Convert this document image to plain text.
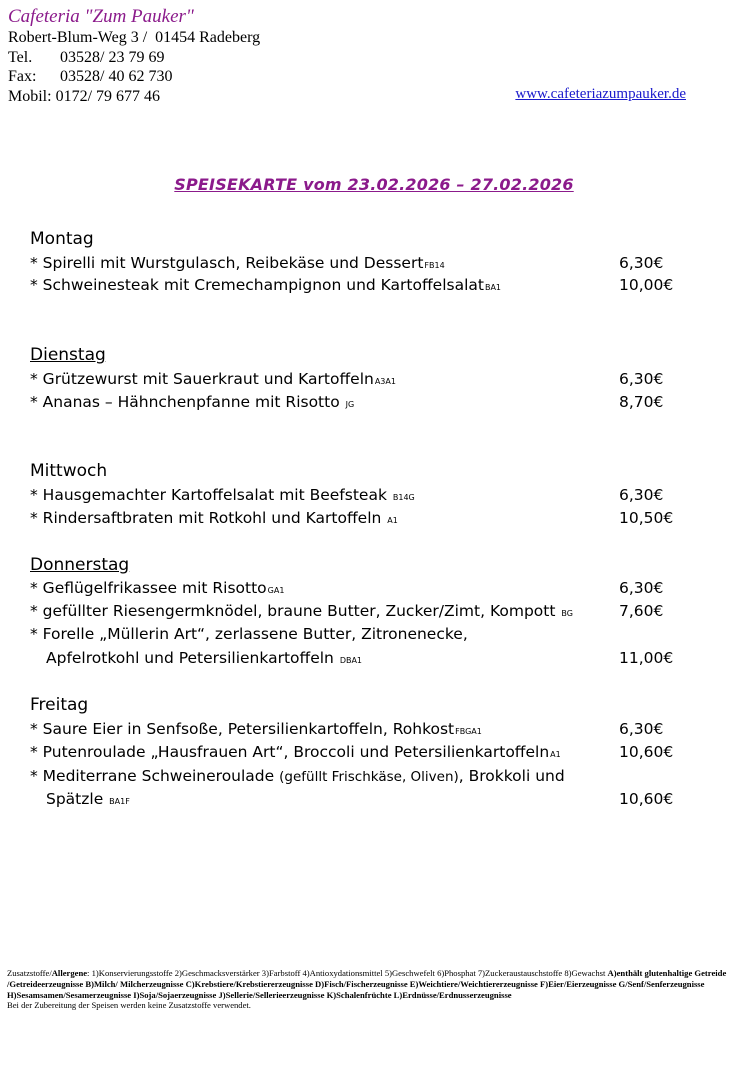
Cafeteria "Zum Pauker"
Robert-Blum-Weg 3 /  01454 Radeberg
Tel. 03528/ 23 79 69
Fax: 03528/ 40 62 730
Mobil: 0172/ 79 677 46	www.cafeteriazumpauker.de
SPEISEKARTE vom 23.02.2026 – 27.02.2026
Montag
* Spirelli mit Wurstgulasch, Reibekäse und DessertFB14	6,30€
* Schweinesteak mit Cremechampignon und KartoffelsalatBA1	10,00€
Dienstag
* Grützewurst mit Sauerkraut und KartoffelnA3A1	6,30€
* Ananas – Hähnchenpfanne mit Risotto JG	8,70€
Mittwoch
* Hausgemachter Kartoffelsalat mit Beefsteak B14G	6,30€
* Rindersaftbraten mit Rotkohl und Kartoffeln A1	10,50€
Donnerstag
* Geflügelfrikassee mit RisottoGA1	6,30€
* gefüllter Riesengermknödel, braune Butter, Zucker/Zimt, Kompott BG	7,60€
* Forelle „Müllerin Art“, zerlassene Butter, Zitronenecke,
Apfelrotkohl und Petersilienkartoffeln DBA1	11,00€
Freitag
* Saure Eier in Senfsoße, Petersilienkartoffeln, RohkostFBGA1	6,30€
* Putenroulade „Hausfrauen Art“, Broccoli und PetersilienkartoffelnA1	10,60€
* Mediterrane Schweineroulade (gefüllt Frischkäse, Oliven), Brokkoli und
Spätzle BA1F	10,60€
Zusatzstoffe/Allergene: 1)Konservierungsstoffe 2)Geschmacksverstärker 3)Farbstoff 4)Antioxydationsmittel 5)Geschwefelt 6)Phosphat 7)Zuckeraustauschstoffe 8)Gewachst A)enthält glutenhaltige Getreide /Getreideerzeugnisse B)Milch/ Milcherzeugnisse C)Krebstiere/Krebstiererzeugnisse D)Fisch/Fischerzeugnisse E)Weichtiere/Weichtiererzeugnisse F)Eier/Eierzeugnisse G/Senf/Senferzeugnisse H)Sesamsamen/Sesamerzeugnisse I)Soja/Sojaerzeugnisse J)Sellerie/Sellerieerzeugnisse K)Schalenfrüchte L)Erdnüsse/Erdnusserzeugnisse
Bei der Zubereitung der Speisen werden keine Zusatzstoffe verwendet.
